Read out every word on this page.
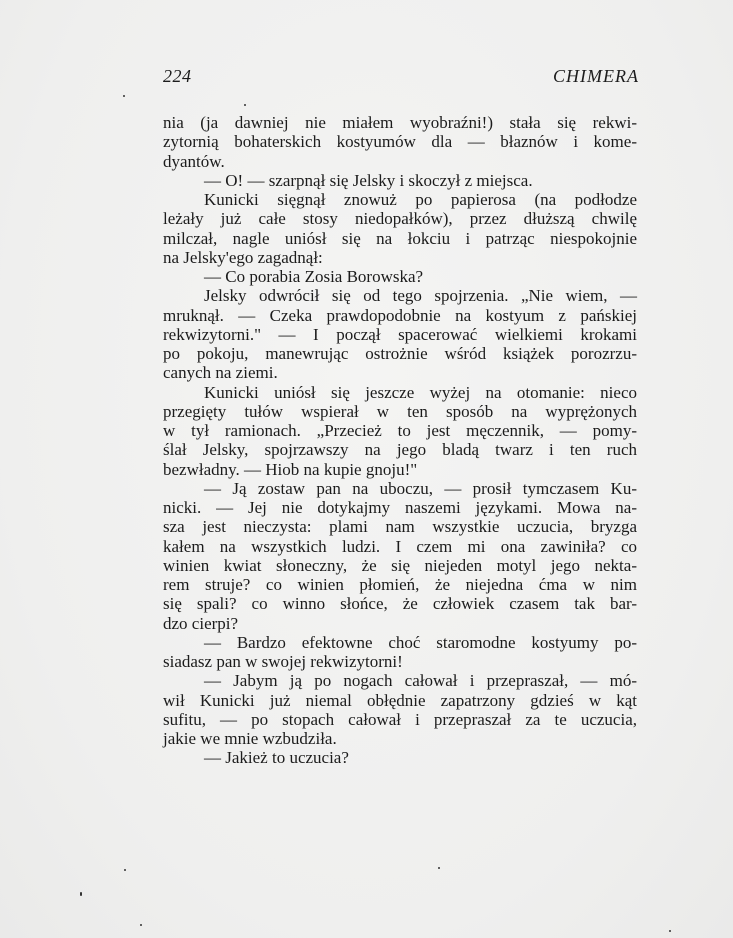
224	CHIMERA
nia (ja dawniej nie miałem wyobraźni!) stała się rekwi-
zytornią bohaterskich kostyumów dla — błaznów i kome-
dyantów.
— O! — szarpnął się Jelsky i skoczył z miejsca.
Kunicki sięgnął znowuż po papierosa (na podłodze
leżały już całe stosy niedopałków), przez dłuższą chwilę
milczał, nagle uniósł się na łokciu i patrząc niespokojnie
na Jelsky'ego zagadnął:
— Co porabia Zosia Borowska?
Jelsky odwrócił się od tego spojrzenia. „Nie wiem, —
mruknął. — Czeka prawdopodobnie na kostyum z pańskiej
rekwizytorni." — I począł spacerować wielkiemi krokami
po pokoju, manewrując ostrożnie wśród książek porozrzu-
canych na ziemi.
Kunicki uniósł się jeszcze wyżej na otomanie: nieco
przegięty tułów wspierał w ten sposób na wyprężonych
w tył ramionach. „Przecież to jest męczennik, — pomy-
ślał Jelsky, spojrzawszy na jego bladą twarz i ten ruch
bezwładny. — Hiob na kupie gnoju!"
— Ją zostaw pan na uboczu, — prosił tymczasem Ku-
nicki. — Jej nie dotykajmy naszemi językami. Mowa na-
sza jest nieczysta: plami nam wszystkie uczucia, bryzga
kałem na wszystkich ludzi. I czem mi ona zawiniła? co
winien kwiat słoneczny, że się niejeden motyl jego nekta-
rem struje? co winien płomień, że niejedna ćma w nim
się spali? co winno słońce, że człowiek czasem tak bar-
dzo cierpi?
— Bardzo efektowne choć staromodne kostyumy po-
siadasz pan w swojej rekwizytorni!
— Jabym ją po nogach całował i przepraszał, — mó-
wił Kunicki już niemal obłędnie zapatrzony gdzieś w kąt
sufitu, — po stopach całował i przepraszał za te uczucia,
jakie we mnie wzbudziła.
— Jakież to uczucia?
